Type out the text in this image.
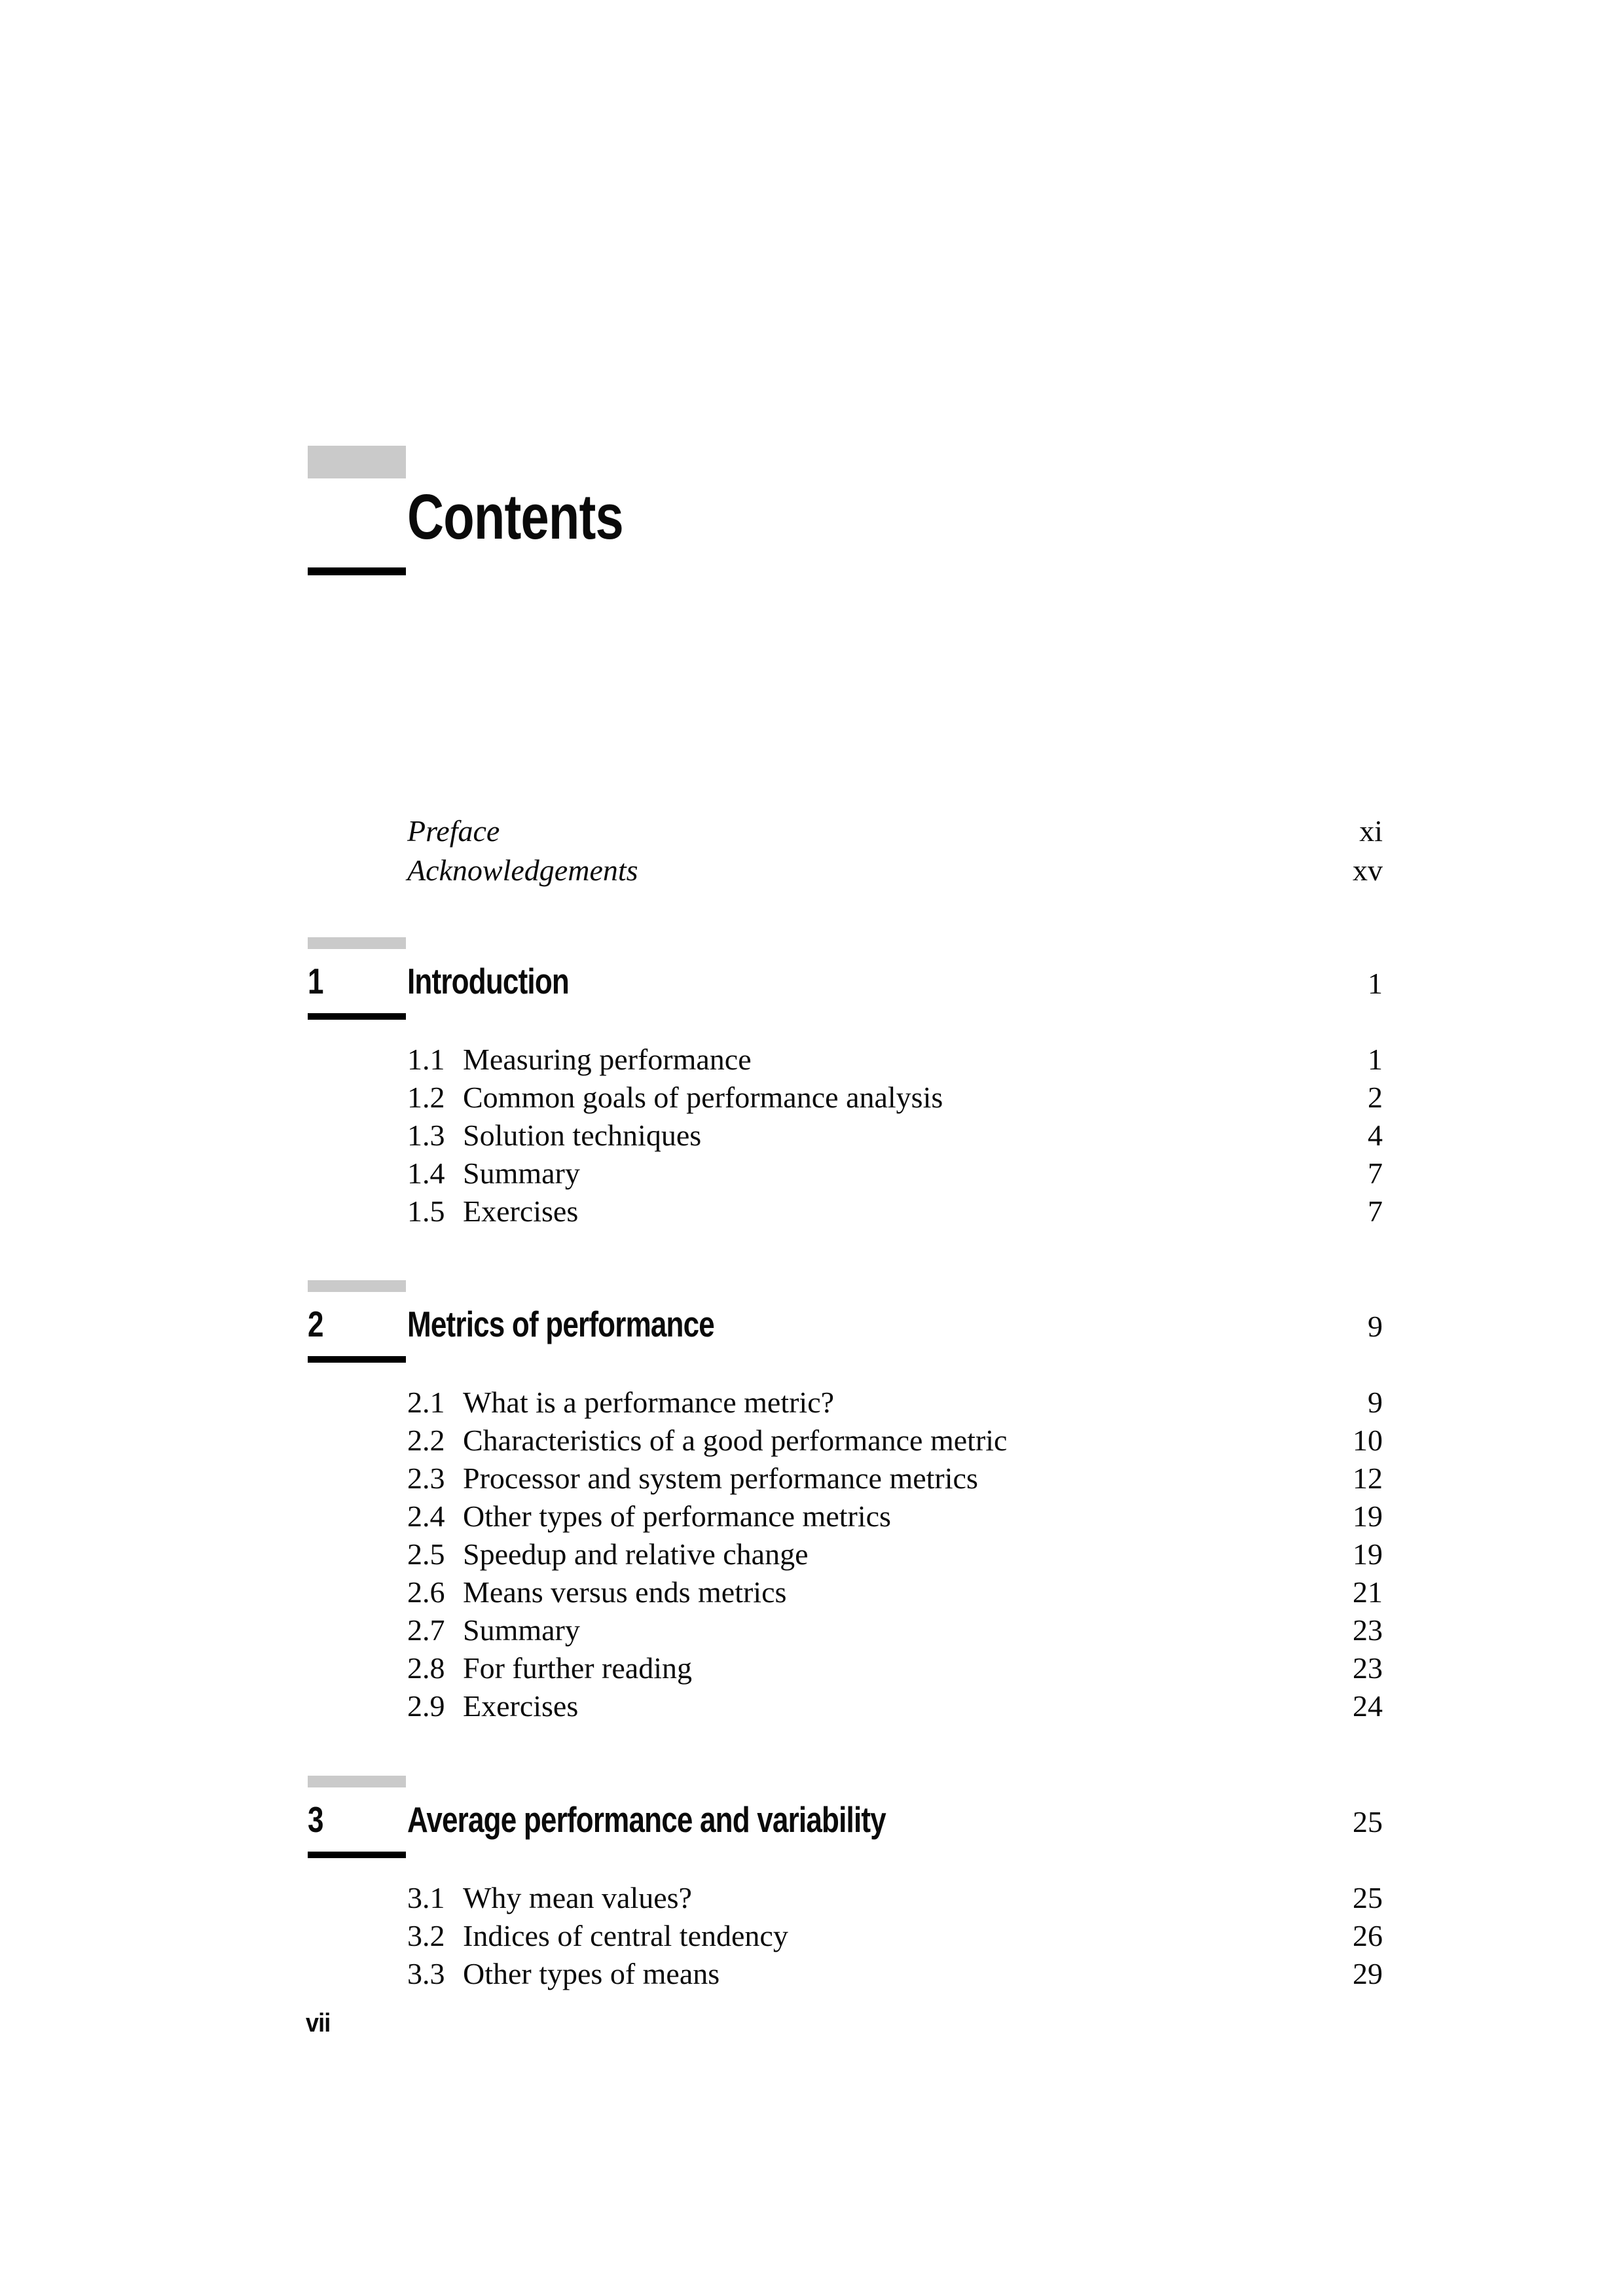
Contents
Preface	xi
Acknowledgements	xv
1	Introduction	1
1.1 Measuring performance	1
1.2 Common goals of performance analysis	2
1.3 Solution techniques	4
1.4 Summary	7
1.5 Exercises	7
2	Metrics of performance	9
2.1 What is a performance metric?	9
2.2 Characteristics of a good performance metric	10
2.3 Processor and system performance metrics	12
2.4 Other types of performance metrics	19
2.5 Speedup and relative change	19
2.6 Means versus ends metrics	21
2.7 Summary	23
2.8 For further reading	23
2.9 Exercises	24
3	Average performance and variability	25
3.1 Why mean values?	25
3.2 Indices of central tendency	26
3.3 Other types of means	29
vii
